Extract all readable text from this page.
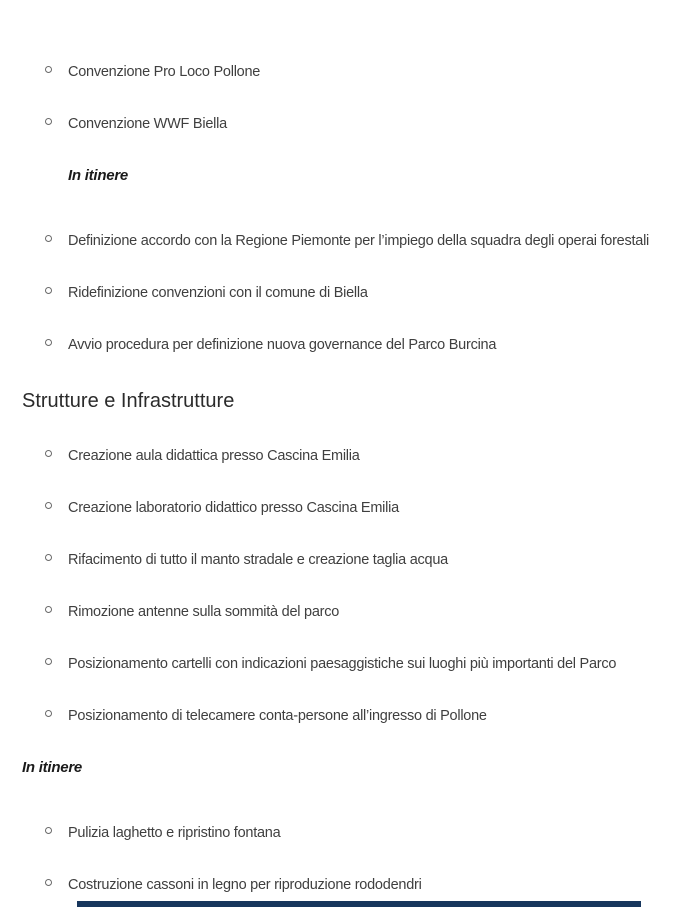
Convenzione Pro Loco Pollone
Convenzione WWF Biella
In itinere
Definizione accordo con la Regione Piemonte per l’impiego della squadra degli operai forestali
Ridefinizione convenzioni con il comune di Biella
Avvio procedura per definizione nuova governance del Parco Burcina
Strutture e Infrastrutture
Creazione aula didattica presso Cascina Emilia
Creazione laboratorio didattico presso Cascina Emilia
Rifacimento di tutto il manto stradale e creazione taglia acqua
Rimozione antenne sulla sommità del parco
Posizionamento cartelli con indicazioni paesaggistiche sui luoghi più importanti del Parco
Posizionamento di telecamere conta-persone all’ingresso di Pollone
In itinere
Pulizia laghetto e ripristino fontana
Costruzione cassoni in legno per riproduzione rododendri
